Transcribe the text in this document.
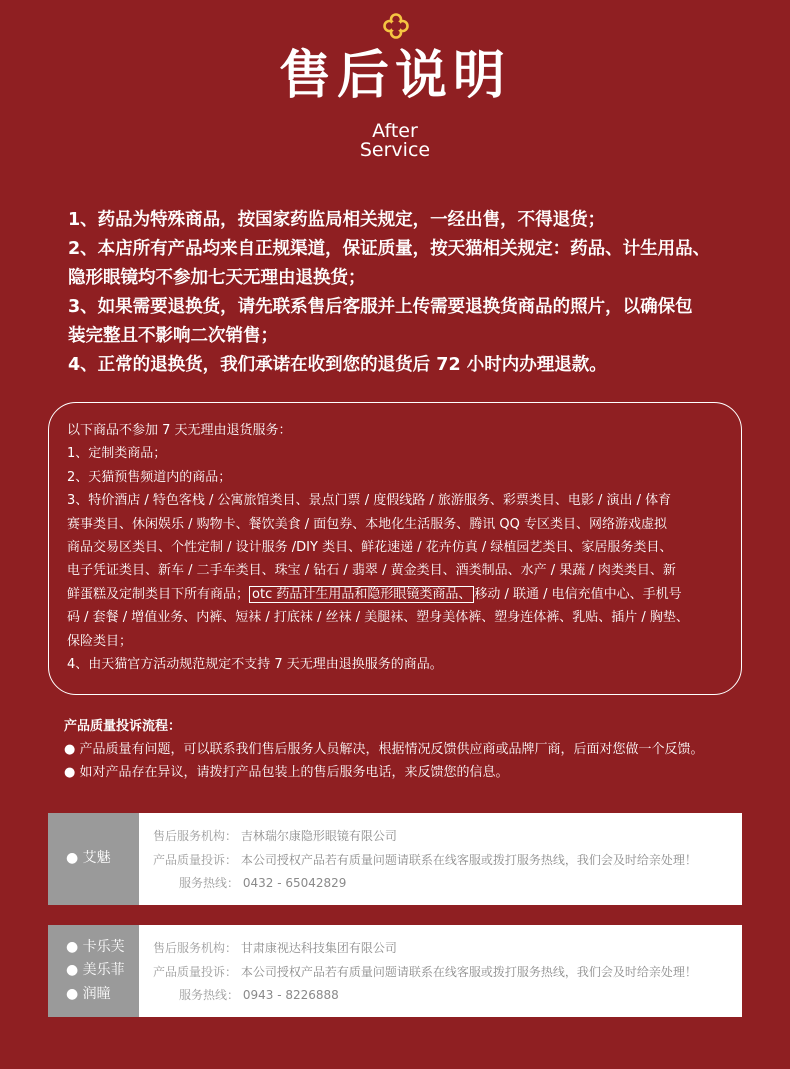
售后说明
After
Service
1、药品为特殊商品，按国家药监局相关规定，一经出售，不得退货；
2、本店所有产品均来自正规渠道，保证质量，按天猫相关规定：药品、计生用品、
隐形眼镜均不参加七天无理由退换货；
3、如果需要退换货，请先联系售后客服并上传需要退换货商品的照片，以确保包
装完整且不影响二次销售；
4、正常的退换货，我们承诺在收到您的退货后 72 小时内办理退款。

以下商品不参加 7 天无理由退货服务：

1、定制类商品；

2、天猫预售频道内的商品；

3、特价酒店 / 特色客栈 / 公寓旅馆类目、景点门票 / 度假线路 / 旅游服务、彩票类目、电影 / 演出 / 体育

赛事类目、休闲娱乐 / 购物卡、餐饮美食 / 面包券、本地化生活服务、腾讯 QQ 专区类目、网络游戏虚拟

商品交易区类目、个性定制 / 设计服务 /DIY 类目、鲜花速递 / 花卉仿真 / 绿植园艺类目、家居服务类目、

电子凭证类目、新车 / 二手车类目、珠宝 / 钻石 / 翡翠 / 黄金类目、酒类制品、水产 / 果蔬 / 肉类类目、新

鲜蛋糕及定制类目下所有商品； otc 药品计生用品和隐形眼镜类商品、 移动 / 联通 / 电信充值中心、手机号

码 / 套餐 / 增值业务、内裤、短袜 / 打底袜 / 丝袜 / 美腿袜、塑身美体裤、塑身连体裤、乳贴、插片 / 胸垫、

保险类目；

4、由天猫官方活动规范规定不支持 7 天无理由退换服务的商品。

产品质量投诉流程：

● 产品质量有问题，可以联系我们售后服务人员解决，根据情况反馈供应商或品牌厂商，后面对您做一个反馈。

● 如对产品存在异议，请拨打产品包装上的售后服务电话，来反馈您的信息。

● 艾魅
售后服务机构： 吉林瑞尔康隐形眼镜有限公司
产品质量投诉： 本公司授权产品若有质量问题请联系在线客服或拨打服务热线，我们会及时给亲处理！
服务热线： 0432 - 65042829
● 卡乐芙
● 美乐菲
● 润瞳
售后服务机构： 甘肃康视达科技集团有限公司
产品质量投诉： 本公司授权产品若有质量问题请联系在线客服或拨打服务热线，我们会及时给亲处理！
服务热线： 0943 - 8226888
